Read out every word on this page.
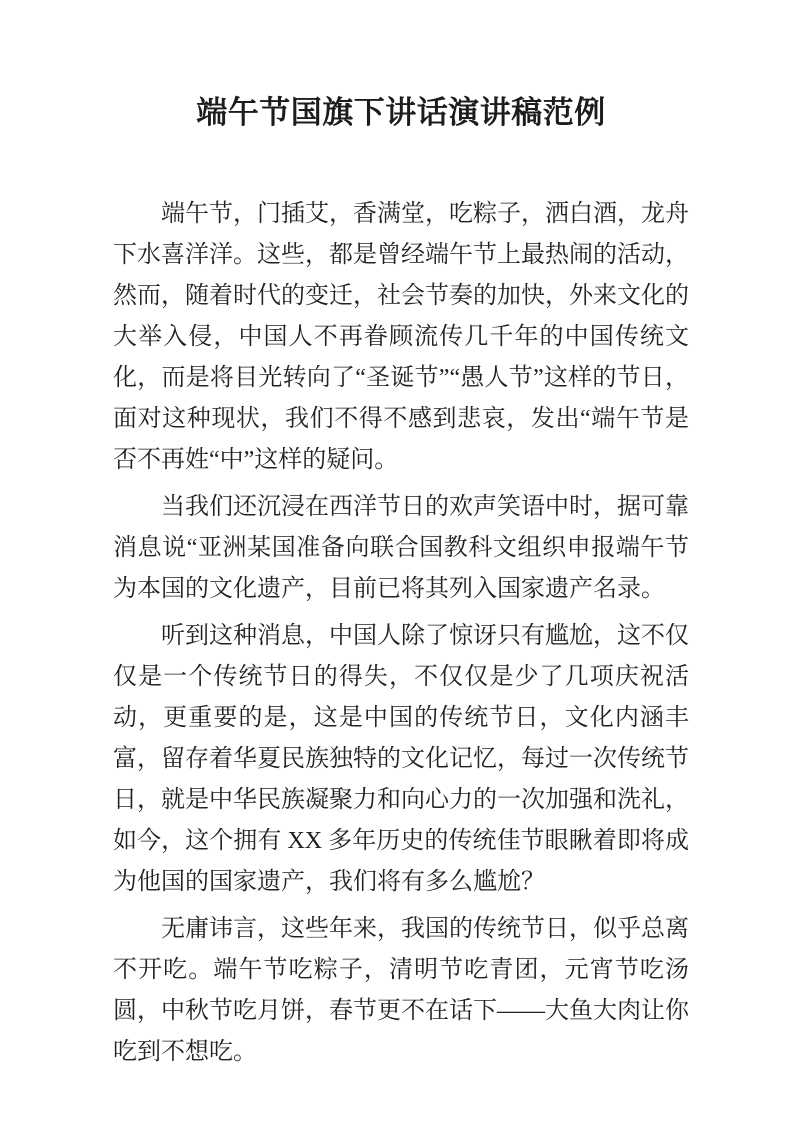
端午节国旗下讲话演讲稿范例

端午节，门插艾，香满堂，吃粽子，洒白酒，龙舟下水喜洋洋。这些，都是曾经端午节上最热闹的活动，然而，随着时代的变迁，社会节奏的加快，外来文化的大举入侵，中国人不再眷顾流传几千年的中国传统文化，而是将目光转向了“圣诞节”“愚人节”这样的节日，面对这种现状，我们不得不感到悲哀，发出“端午节是否不再姓“中”这样的疑问。

当我们还沉浸在西洋节日的欢声笑语中时，据可靠消息说“亚洲某国准备向联合国教科文组织申报端午节为本国的文化遗产，目前已将其列入国家遗产名录。

听到这种消息，中国人除了惊讶只有尴尬，这不仅仅是一个传统节日的得失，不仅仅是少了几项庆祝活动，更重要的是，这是中国的传统节日，文化内涵丰富，留存着华夏民族独特的文化记忆，每过一次传统节日，就是中华民族凝聚力和向心力的一次加强和洗礼，如今，这个拥有 XX 多年历史的传统佳节眼瞅着即将成为他国的国家遗产，我们将有多么尴尬？

无庸讳言，这些年来，我国的传统节日，似乎总离不开吃。端午节吃粽子，清明节吃青团，元宵节吃汤圆，中秋节吃月饼，春节更不在话下——大鱼大肉让你吃到不想吃。
